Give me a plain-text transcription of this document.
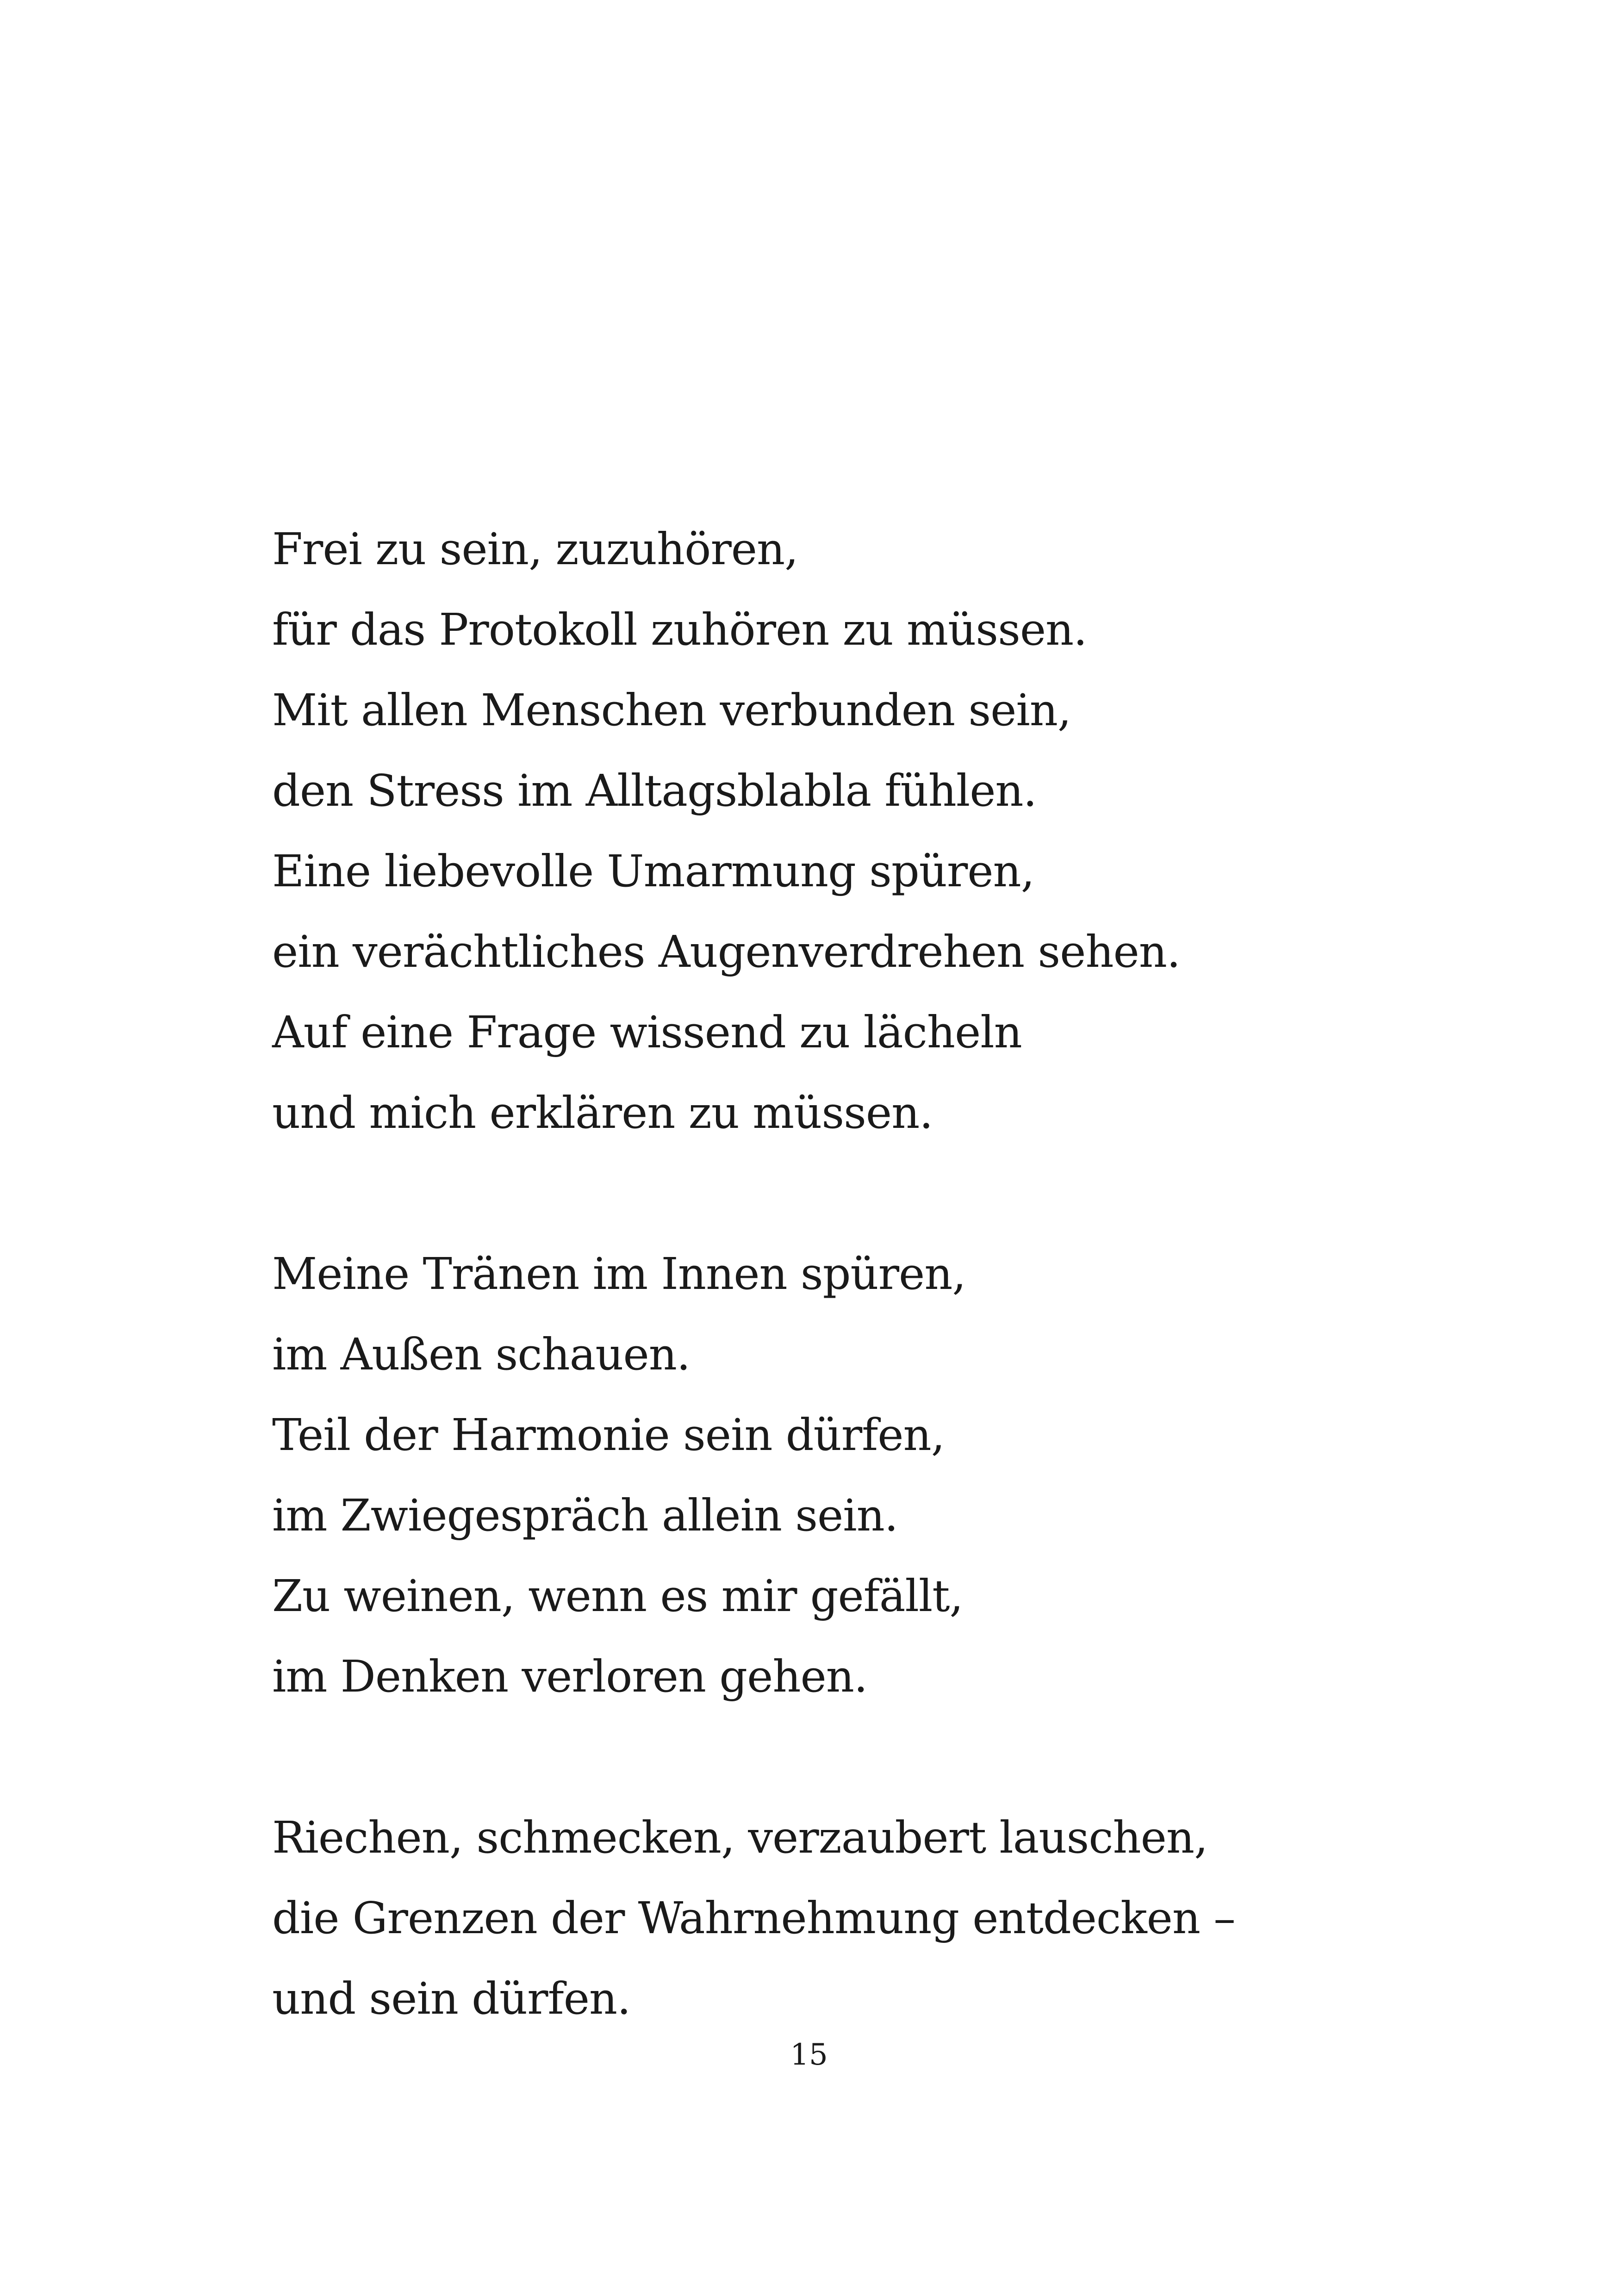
Frei zu sein, zuzuhören,
für das Protokoll zuhören zu müssen.
Mit allen Menschen verbunden sein,
den Stress im Alltagsblabla fühlen.
Eine liebevolle Umarmung spüren,
ein verächtliches Augenverdrehen sehen.
Auf eine Frage wissend zu lächeln
und mich erklären zu müssen.
Meine Tränen im Innen spüren,
im Außen schauen.
Teil der Harmonie sein dürfen,
im Zwiegespräch allein sein.
Zu weinen, wenn es mir gefällt,
im Denken verloren gehen.
Riechen, schmecken, verzaubert lauschen,
die Grenzen der Wahrnehmung entdecken –
und sein dürfen.
15
